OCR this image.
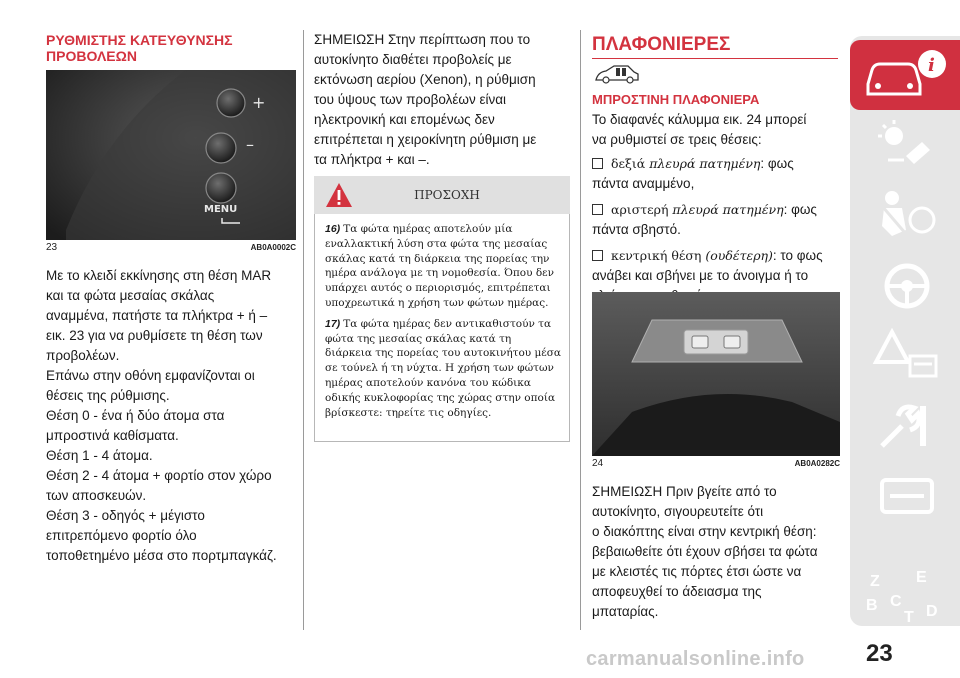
ΡΥΘΜΙΣΤΗΣ ΚΑΤΕΥΘΥΝΣΗΣ
ΠΡΟΒΟΛΕΩΝ
+
–
MENU
23	AB0A0002C

Με το κλειδί εκκίνησης στη θέση MAR

και τα φώτα μεσαίας σκάλας

αναμμένα, πατήστε τα πλήκτρα + ή –

εικ. 23 για να ρυθμίσετε τη θέση των

προβολέων.

Επάνω στην οθόνη εμφανίζονται οι

θέσεις της ρύθμισης.

Θέση 0 - ένα ή δύο άτομα στα

μπροστινά καθίσματα.

Θέση 1 - 4 άτομα.

Θέση 2 - 4 άτομα + φορτίο στον χώρο

των αποσκευών.

Θέση 3 - οδηγός + μέγιστο

επιτρεπόμενο φορτίο όλο

τοποθετημένο μέσα στο πορτμπαγκάζ.

ΣΗΜΕΙΩΣΗ Στην περίπτωση που το

αυτοκίνητο διαθέτει προβολείς με

εκτόνωση αερίου (Xenon), η ρύθμιση

του ύψους των προβολέων είναι

ηλεκτρονική και επομένως δεν

επιτρέπεται η χειροκίνητη ρύθμιση με

τα πλήκτρα + και –.

ΠΡΟΣΟΧΗ

16) Τα φώτα ημέρας αποτελούν μία εναλλακτική λύση στα φώτα της μεσαίας σκάλας κατά τη διάρκεια της πορείας την ημέρα ανάλογα με τη νομοθεσία. Όπου δεν υπάρχει αυτός ο περιορισμός, επιτρέπεται υποχρεωτικά η χρήση των φώτων ημέρας.

17) Τα φώτα ημέρας δεν αντικαθιστούν τα φώτα της μεσαίας σκάλας κατά τη διάρκεια της πορείας του αυτοκινήτου μέσα σε τούνελ ή τη νύχτα. Η χρήση των φώτων ημέρας αποτελούν κανόνα του κώδικα οδικής κυκλοφορίας της χώρας στην οποία βρίσκεστε: τηρείτε τις οδηγίες.

ΠΛΑΦΟΝΙΕΡΕΣ
ΜΠΡΟΣΤΙΝΗ ΠΛΑΦΟΝΙΕΡΑ

Το διαφανές κάλυμμα εικ. 24 μπορεί

να ρυθμιστεί σε τρεις θέσεις:

δεξιά πλευρά πατημένη: φως

πάντα αναμμένο,

αριστερή πλευρά πατημένη: φως

πάντα σβηστό.

κεντρική θέση (ουδέτερη): το φως

ανάβει και σβήνει με το άνοιγμα ή το

24	AB0A0282C

ΣΗΜΕΙΩΣΗ Πριν βγείτε από το

αυτοκίνητο, σιγουρευτείτε ότι

ο διακόπτης είναι στην κεντρική θέση:

βεβαιωθείτε ότι έχουν σβήσει τα φώτα

με κλειστές τις πόρτες έτσι ώστε να

αποφευχθεί το άδειασμα της

μπαταρίας.

i
Z E
B C
T D
23
carmanualsonline.info
